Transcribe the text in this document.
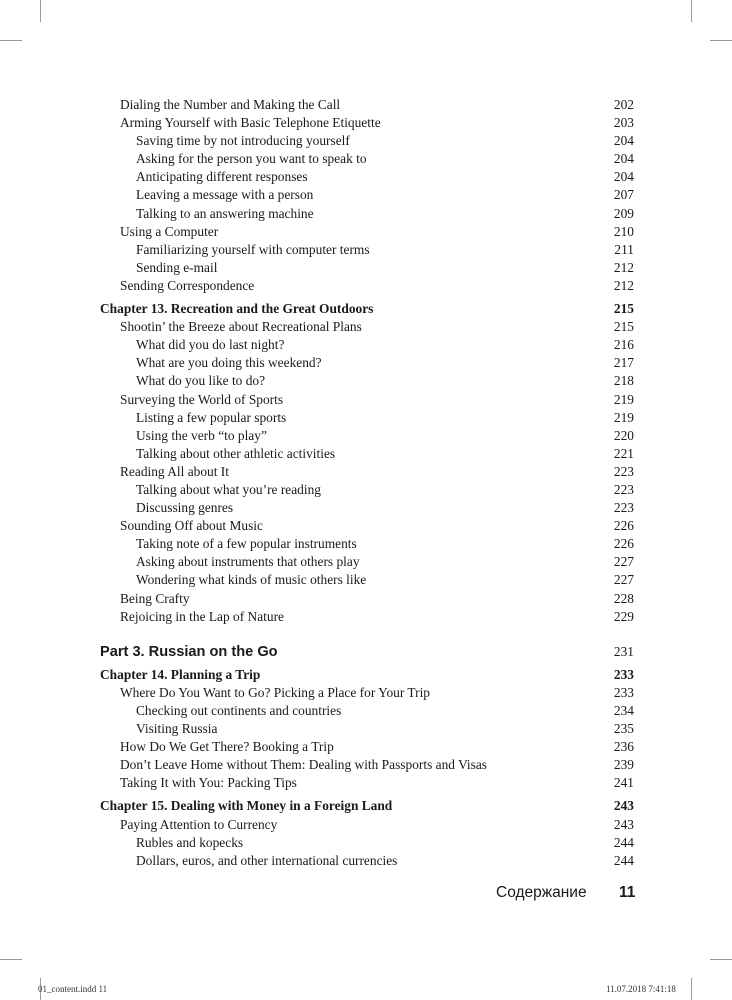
Dialing the Number and Making the Call	202
Arming Yourself with Basic Telephone Etiquette	203
Saving time by not introducing yourself	204
Asking for the person you want to speak to	204
Anticipating different responses	204
Leaving a message with a person	207
Talking to an answering machine	209
Using a Computer	210
Familiarizing yourself with computer terms	211
Sending e-mail	212
Sending Correspondence	212
Chapter 13. Recreation and the Great Outdoors	215
Shootin’ the Breeze about Recreational Plans	215
What did you do last night?	216
What are you doing this weekend?	217
What do you like to do?	218
Surveying the World of Sports	219
Listing a few popular sports	219
Using the verb “to play”	220
Talking about other athletic activities	221
Reading All about It	223
Talking about what you’re reading	223
Discussing genres	223
Sounding Off about Music	226
Taking note of a few popular instruments	226
Asking about instruments that others play	227
Wondering what kinds of music others like	227
Being Crafty	228
Rejoicing in the Lap of Nature	229
Part 3. Russian on the Go	231
Chapter 14. Planning a Trip	233
Where Do You Want to Go? Picking a Place for Your Trip	233
Checking out continents and countries	234
Visiting Russia	235
How Do We Get There? Booking a Trip	236
Don’t Leave Home without Them: Dealing with Passports and Visas	239
Taking It with You: Packing Tips	241
Chapter 15. Dealing with Money in a Foreign Land	243
Paying Attention to Currency	243
Rubles and kopecks	244
Dollars, euros, and other international currencies	244
Содержание 11
01_content.indd 11	11.07.2018 7:41:18
